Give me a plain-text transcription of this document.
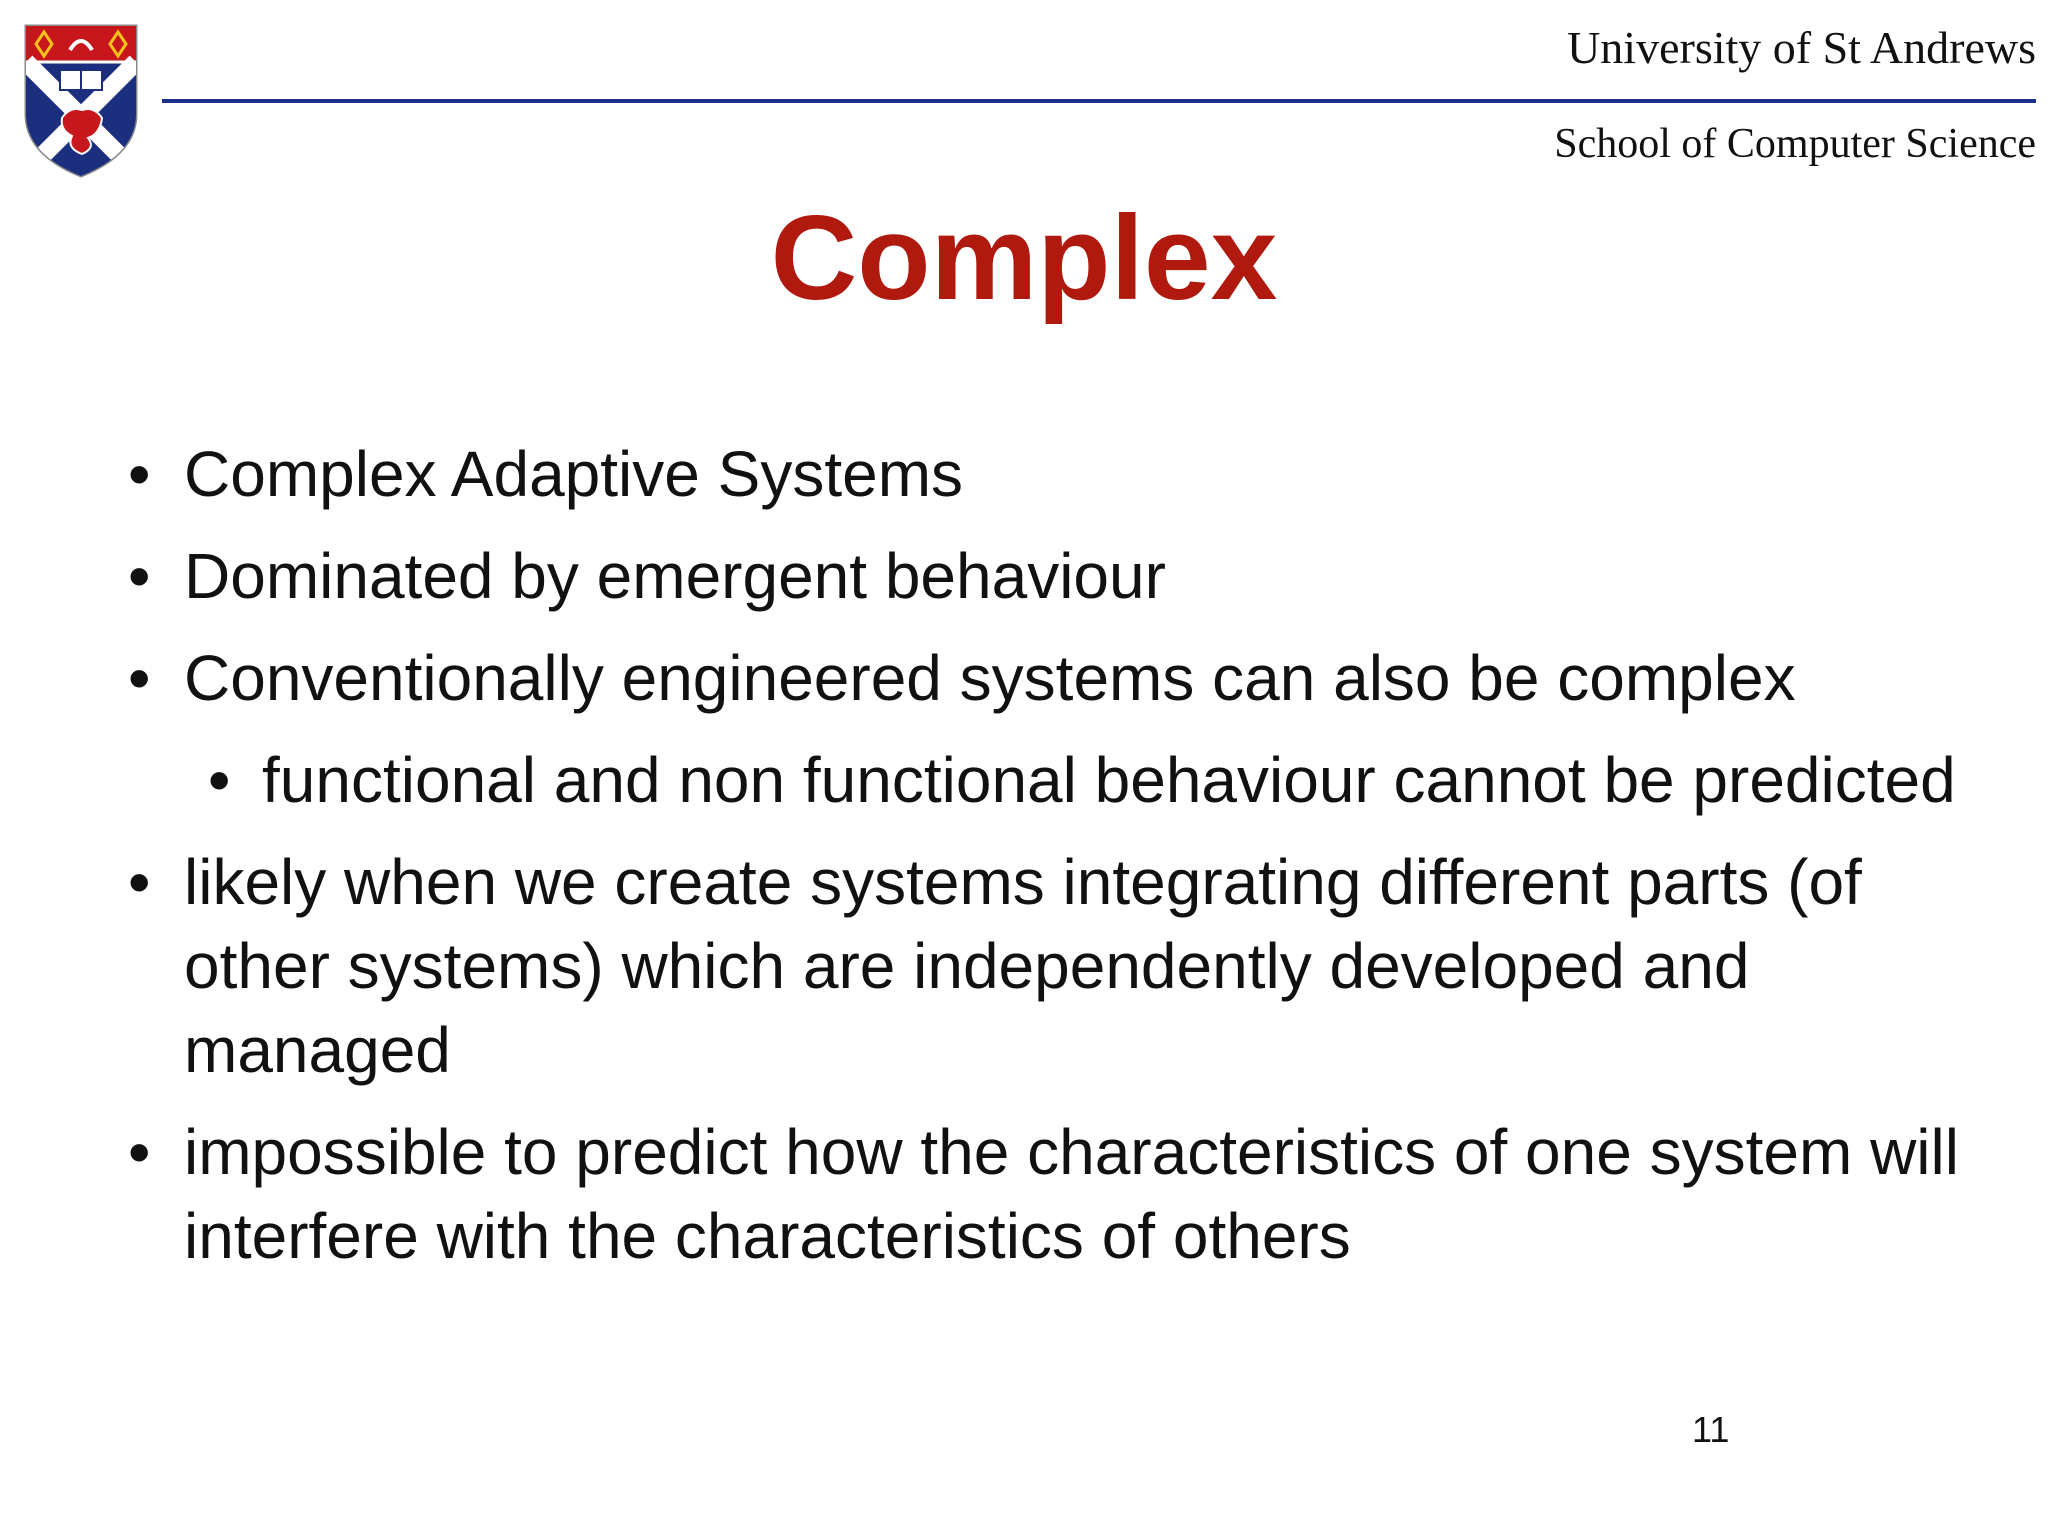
University of St Andrews
School of Computer Science
Complex
• Complex Adaptive Systems
• Dominated by emergent behaviour
• Conventionally engineered systems can also be complex
• functional and non functional behaviour cannot be predicted
• likely when we create systems integrating different parts (of other systems) which are independently developed and managed
• impossible to predict how the characteristics of one system will interfere with the characteristics of others
11
